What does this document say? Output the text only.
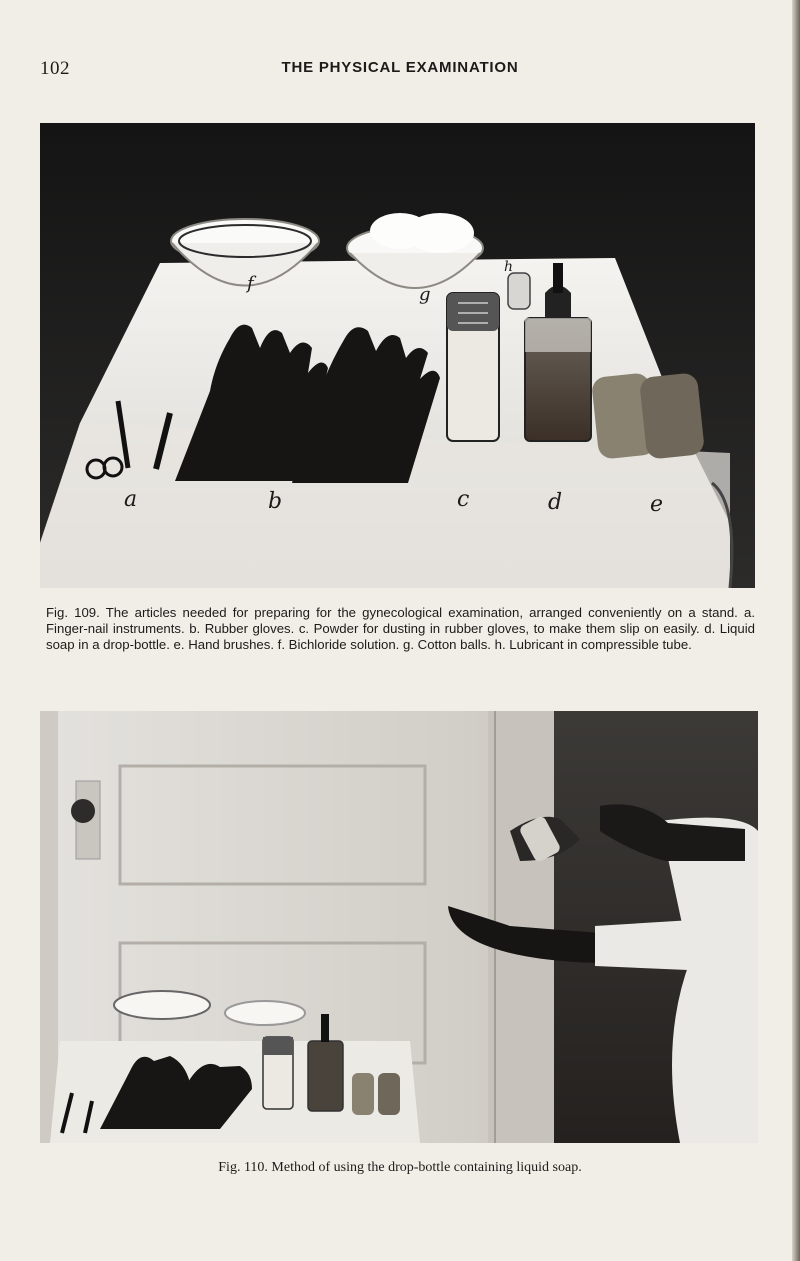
102	THE PHYSICAL EXAMINATION
a	b	c	d	e
f
g
h
Fig. 109. The articles needed for preparing for the gynecological examination, arranged conveniently on a stand. a. Finger-nail instruments. b. Rubber gloves. c. Powder for dusting in rubber gloves, to make them slip on easily. d. Liquid soap in a drop-bottle. e. Hand brushes. f. Bichloride solution. g. Cotton balls. h. Lubricant in compressible tube.
Fig. 110. Method of using the drop-bottle containing liquid soap.
